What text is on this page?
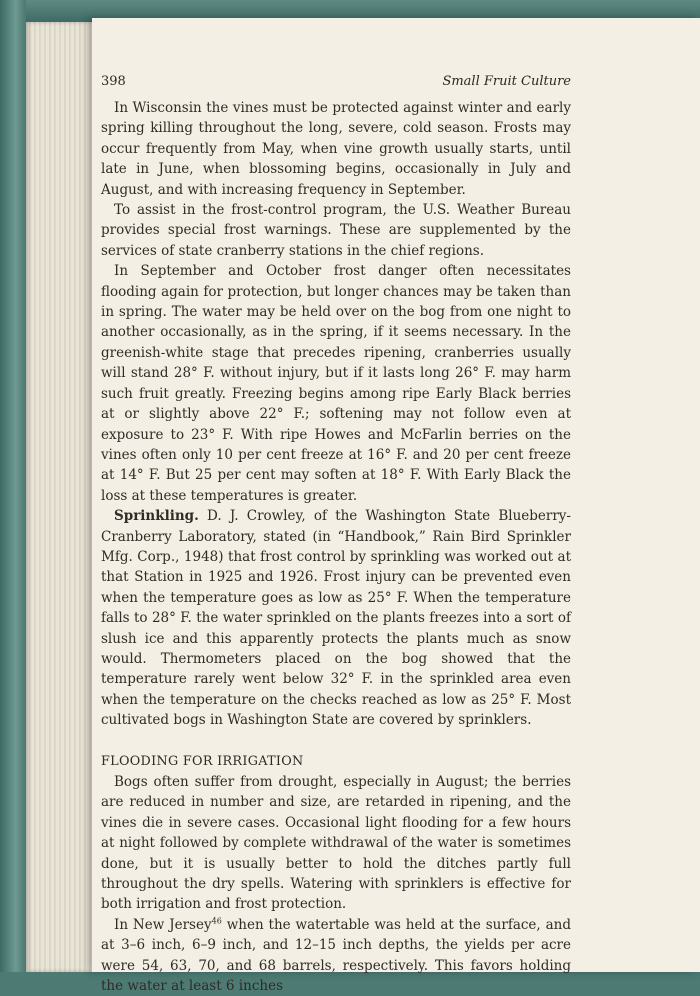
398	Small Fruit Culture

In Wisconsin the vines must be protected against winter and early spring killing throughout the long, severe, cold season. Frosts may occur frequently from May, when vine growth usually starts, until late in June, when blossoming begins, occasionally in July and August, and with increasing frequency in September.

To assist in the frost-control program, the U.S. Weather Bureau provides special frost warnings. These are supplemented by the services of state cranberry stations in the chief regions.

In September and October frost danger often necessitates flooding again for protection, but longer chances may be taken than in spring. The water may be held over on the bog from one night to another occasionally, as in the spring, if it seems necessary. In the greenish-white stage that precedes ripening, cranberries usually will stand 28° F. without injury, but if it lasts long 26° F. may harm such fruit greatly. Freezing begins among ripe Early Black berries at or slightly above 22° F.; softening may not follow even at exposure to 23° F. With ripe Howes and McFarlin berries on the vines often only 10 per cent freeze at 16° F. and 20 per cent freeze at 14° F. But 25 per cent may soften at 18° F. With Early Black the loss at these temperatures is greater.

Sprinkling. D. J. Crowley, of the Washington State Blueberry-Cranberry Laboratory, stated (in “Handbook,” Rain Bird Sprinkler Mfg. Corp., 1948) that frost control by sprinkling was worked out at that Station in 1925 and 1926. Frost injury can be prevented even when the temperature goes as low as 25° F. When the temperature falls to 28° F. the water sprinkled on the plants freezes into a sort of slush ice and this apparently protects the plants much as snow would. Thermometers placed on the bog showed that the temperature rarely went below 32° F. in the sprinkled area even when the temperature on the checks reached as low as 25° F. Most cultivated bogs in Washington State are covered by sprinklers.

FLOODING FOR IRRIGATION

Bogs often suffer from drought, especially in August; the berries are reduced in number and size, are retarded in ripening, and the vines die in severe cases. Occasional light flooding for a few hours at night followed by complete withdrawal of the water is sometimes done, but it is usually better to hold the ditches partly full throughout the dry spells. Watering with sprinklers is effective for both irrigation and frost protection.

In New Jersey$^{46}$ when the watertable was held at the surface, and at 3–6 inch, 6–9 inch, and 12–15 inch depths, the yields per acre were 54, 63, 70, and 68 barrels, respectively. This favors holding the water at least 6 inches
